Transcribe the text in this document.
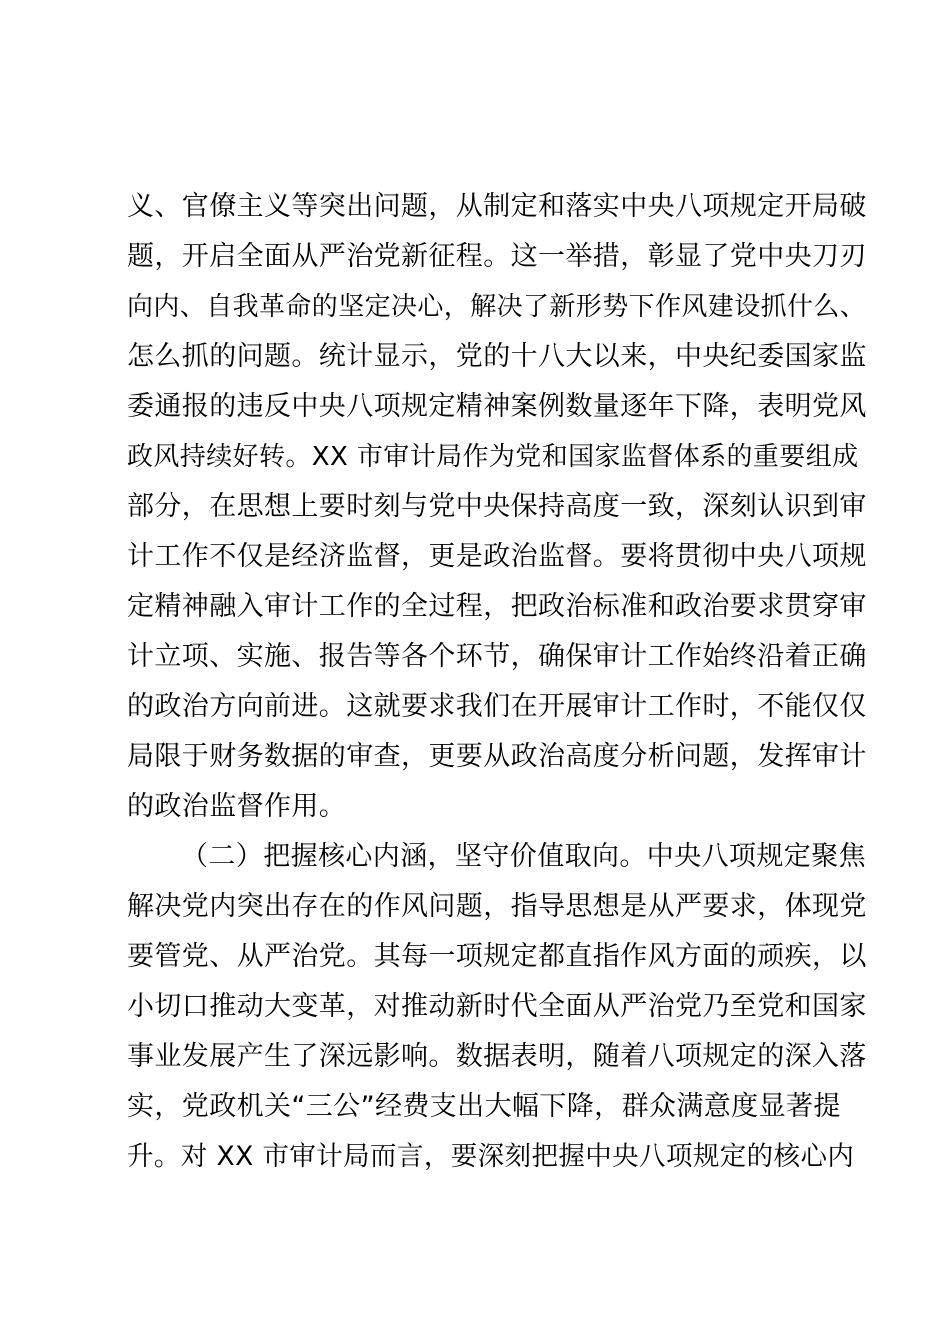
义、官僚主义等突出问题，从制定和落实中央八项规定开局破
题，开启全面从严治党新征程。这一举措，彰显了党中央刀刃
向内、自我革命的坚定决心，解决了新形势下作风建设抓什么、
怎么抓的问题。统计显示，党的十八大以来，中央纪委国家监
委通报的违反中央八项规定精神案例数量逐年下降，表明党风
政风持续好转。XX 市审计局作为党和国家监督体系的重要组成
部分，在思想上要时刻与党中央保持高度一致，深刻认识到审
计工作不仅是经济监督，更是政治监督。要将贯彻中央八项规
定精神融入审计工作的全过程，把政治标准和政治要求贯穿审
计立项、实施、报告等各个环节，确保审计工作始终沿着正确
的政治方向前进。这就要求我们在开展审计工作时，不能仅仅
局限于财务数据的审查，更要从政治高度分析问题，发挥审计
的政治监督作用。
（二）把握核心内涵，坚守价值取向。中央八项规定聚焦
解决党内突出存在的作风问题，指导思想是从严要求，体现党
要管党、从严治党。其每一项规定都直指作风方面的顽疾，以
小切口推动大变革，对推动新时代全面从严治党乃至党和国家
事业发展产生了深远影响。数据表明，随着八项规定的深入落
实，党政机关“三公”经费支出大幅下降，群众满意度显著提
升。对 XX 市审计局而言，要深刻把握中央八项规定的核心内
